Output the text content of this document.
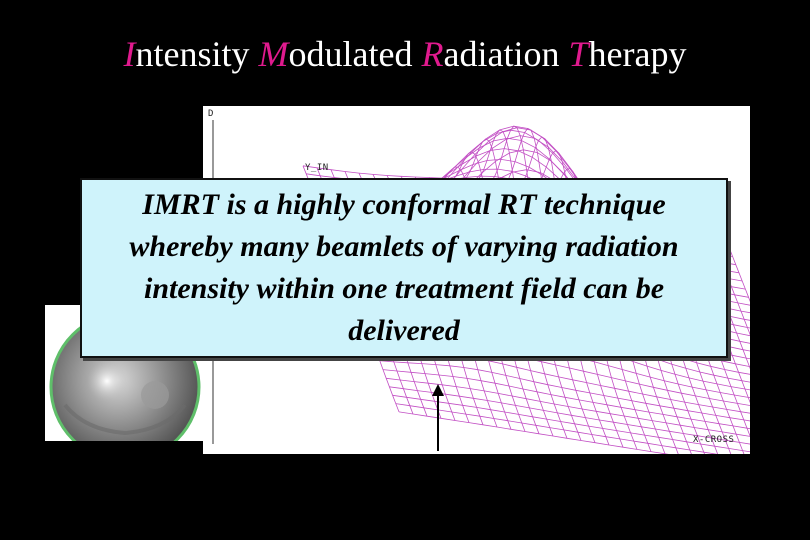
Intensity Modulated Radiation Therapy
D
Y_IN
X-CROSS
IMRT is a highly conformal RT technique whereby many beamlets of varying radiation intensity within one treatment field can be delivered
